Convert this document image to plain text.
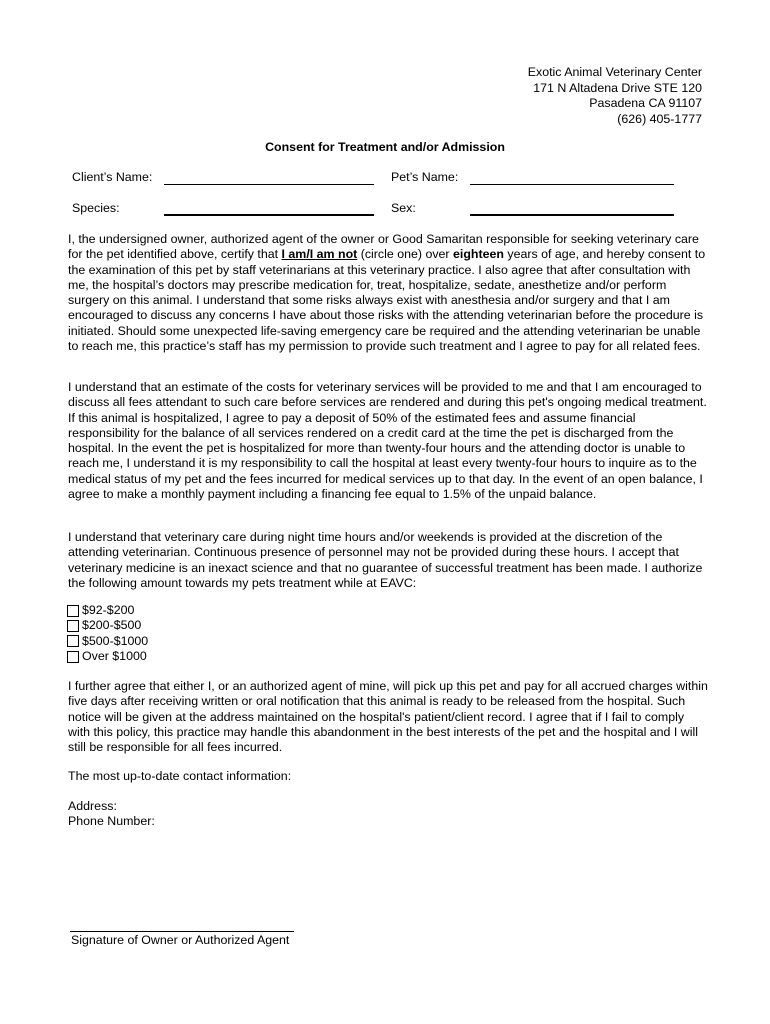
Exotic Animal Veterinary Center
171 N Altadena Drive STE 120
Pasadena CA 91107
(626) 405-1777
Consent for Treatment and/or Admission
Client’s Name:	Pet’s Name:
Species:	Sex:

I, the undersigned owner, authorized agent of the owner or Good Samaritan responsible for seeking veterinary care for the pet identified above, certify that I am/I am not (circle one) over eighteen years of age, and hereby consent to the examination of this pet by staff veterinarians at this veterinary practice. I also agree that after consultation with me, the hospital’s doctors may prescribe medication for, treat, hospitalize, sedate, anesthetize and/or perform surgery on this animal. I understand that some risks always exist with anesthesia and/or surgery and that I am encouraged to discuss any concerns I have about those risks with the attending veterinarian before the procedure is initiated. Should some unexpected life-saving emergency care be required and the attending veterinarian be unable to reach me, this practice’s staff has my permission to provide such treatment and I agree to pay for all related fees.

I understand that an estimate of the costs for veterinary services will be provided to me and that I am encouraged to discuss all fees attendant to such care before services are rendered and during this pet's ongoing medical treatment. If this animal is hospitalized, I agree to pay a deposit of 50% of the estimated fees and assume financial responsibility for the balance of all services rendered on a credit card at the time the pet is discharged from the hospital. In the event the pet is hospitalized for more than twenty-four hours and the attending doctor is unable to reach me, I understand it is my responsibility to call the hospital at least every twenty-four hours to inquire as to the medical status of my pet and the fees incurred for medical services up to that day. In the event of an open balance, I agree to make a monthly payment including a financing fee equal to 1.5% of the unpaid balance.

I understand that veterinary care during night time hours and/or weekends is provided at the discretion of the attending veterinarian. Continuous presence of personnel may not be provided during these hours. I accept that veterinary medicine is an inexact science and that no guarantee of successful treatment has been made. I authorize the following amount towards my pets treatment while at EAVC:

$92-$200
$200-$500
$500-$1000
Over $1000

I further agree that either I, or an authorized agent of mine, will pick up this pet and pay for all accrued charges within five days after receiving written or oral notification that this animal is ready to be released from the hospital. Such notice will be given at the address maintained on the hospital's patient/client record. I agree that if I fail to comply with this policy, this practice may handle this abandonment in the best interests of the pet and the hospital and I will still be responsible for all fees incurred.

The most up-to-date contact information:
Address:
Phone Number:
Signature of Owner or Authorized Agent
